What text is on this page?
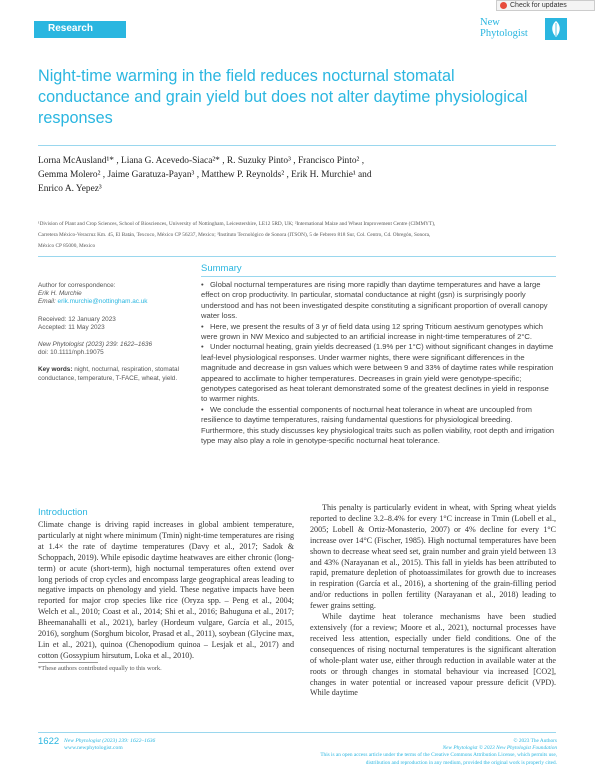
Research
Check for updates
New
Phytologist
Night-time warming in the field reduces nocturnal stomatal conductance and grain yield but does not alter daytime physiological responses
Lorna McAusland¹* , Liana G. Acevedo-Siaca²* , R. Suzuky Pinto³ , Francisco Pinto² ,
Gemma Molero² , Jaime Garatuza-Payan³ , Matthew P. Reynolds² , Erik H. Murchie¹ and
Enrico A. Yepez³
¹Division of Plant and Crop Sciences, School of Biosciences, University of Nottingham, Leicestershire, LE12 5RD, UK; ²International Maize and Wheat Improvement Centre (CIMMYT),
Carretera México-Veracruz Km. 45, El Batán, Texcoco, México CP 56237, Mexico; ³Instituto Tecnológico de Sonora (ITSON), 5 de Febrero 818 Sur, Col. Centro, Cd. Obregón, Sonora,
México CP 85000, Mexico
Author for correspondence:
Erik H. Murchie
Email: erik.murchie@nottingham.ac.uk
Received: 12 January 2023
Accepted: 11 May 2023
New Phytologist (2023) 239: 1622–1636
doi: 10.1111/nph.19075
Key words: night, nocturnal, respiration, stomatal conductance, temperature, T-FACE, wheat, yield.
Summary

• Global nocturnal temperatures are rising more rapidly than daytime temperatures and have a large effect on crop productivity. In particular, stomatal conductance at night (gsn) is surprisingly poorly understood and has not been investigated despite constituting a significant proportion of overall canopy water loss.

• Here, we present the results of 3 yr of field data using 12 spring Triticum aestivum genotypes which were grown in NW Mexico and subjected to an artificial increase in night-time temperatures of 2°C.

• Under nocturnal heating, grain yields decreased (1.9% per 1°C) without significant changes in daytime leaf-level physiological responses. Under warmer nights, there were significant differences in the magnitude and decrease in gsn values which were between 9 and 33% of daytime rates while respiration appeared to acclimate to higher temperatures. Decreases in grain yield were genotype-specific; genotypes categorised as heat tolerant demonstrated some of the greatest declines in yield in response to warmer nights.

• We conclude the essential components of nocturnal heat tolerance in wheat are uncoupled from resilience to daytime temperatures, raising fundamental questions for physiological breeding. Furthermore, this study discusses key physiological traits such as pollen viability, root depth and irrigation type may also play a role in genotype-specific nocturnal heat tolerance.

Introduction
Climate change is driving rapid increases in global ambient temperature, particularly at night where minimum (Tmin) night-time temperatures are rising at 1.4× the rate of daytime temperatures (Davy et al., 2017; Sadok & Schoppach, 2019). While episodic daytime heatwaves are either chronic (long-term) or acute (short-term), high nocturnal temperatures often extend over long periods of crop cycles and encompass large geographical areas leading to negative impacts on phenology and yield. These negative impacts have been reported for major crop species like rice (Oryza spp. – Peng et al., 2004; Welch et al., 2010; Coast et al., 2014; Shi et al., 2016; Bahuguna et al., 2017; Bheemanahalli et al., 2021), barley (Hordeum vulgare, García et al., 2015, 2016), sorghum (Sorghum bicolor, Prasad et al., 2011), soybean (Glycine max, Lin et al., 2021), quinoa (Chenopodium quinoa – Lesjak et al., 2017) and cotton (Gossypium hirsutum, Loka et al., 2010).
This penalty is particularly evident in wheat, with Spring wheat yields reported to decline 3.2–8.4% for every 1°C increase in Tmin (Lobell et al., 2005; Lobell & Ortiz-Monasterio, 2007) or 4% decline for every 1°C increase over 14°C (Fischer, 1985). High nocturnal temperatures have been shown to decrease wheat seed set, grain number and grain yield between 13 and 43% (Narayanan et al., 2015). This fall in yields has been attributed to rapid, premature depletion of photoassimilates for growth due to increases in respiration (García et al., 2016), a shortening of the grain-filling period and/or reductions in pollen fertility (Narayanan et al., 2018) leading to fewer grains setting.
While daytime heat tolerance mechanisms have been studied extensively (for a review; Moore et al., 2021), nocturnal processes have received less attention, especially under field conditions. One of the consequences of rising nocturnal temperatures is the significant alteration of whole-plant water use, either through reduction in available water at the roots or through changes in stomatal behaviour via increased [CO2], changes in water potential or increased vapour pressure deficit (VPD). While daytime
*These authors contributed equally to this work.
1622 New Phytologist (2023) 239: 1622–1636
www.newphytologist.com
© 2023 The Authors
New Phytologist © 2023 New Phytologist Foundation
This is an open access article under the terms of the Creative Commons Attribution License, which permits use,
distribution and reproduction in any medium, provided the original work is properly cited.
